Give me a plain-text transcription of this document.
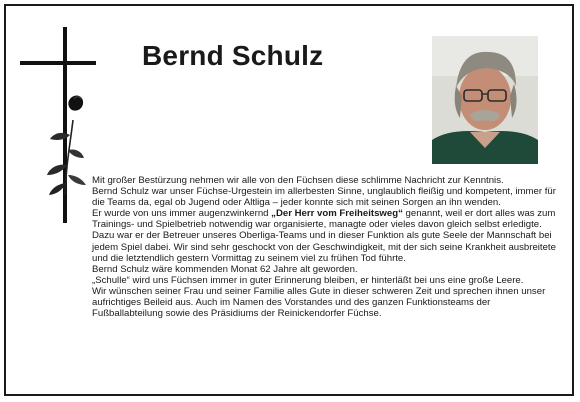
Bernd Schulz

Mit großer Bestürzung nehmen wir alle von den Füchsen diese schlimme Nachricht zur Kenntnis.

Bernd Schulz war unser Füchse-Urgestein im allerbesten Sinne, unglaublich fleißig und kompetent, immer für die Teams da, egal ob Jugend oder Altliga – jeder konnte sich mit seinen Sorgen an ihn wenden.

Er wurde von uns immer augenzwinkernd „Der Herr vom Freiheitsweg“ genannt, weil er dort alles was zum Trainings- und Spielbetrieb notwendig war organisierte, managte oder vieles davon gleich selbst erledigte. Dazu war er der Betreuer unseres Oberliga-Teams und in dieser Funktion als gute Seele der Mannschaft bei jedem Spiel dabei. Wir sind sehr geschockt von der Geschwindigkeit, mit der sich seine Krankheit ausbreitete und die letztendlich gestern Vormittag zu seinem viel zu frühen Tod führte.

Bernd Schulz wäre kommenden Monat 62 Jahre alt geworden.

„Schulle“ wird uns Füchsen immer in guter Erinnerung bleiben, er hinterläßt bei uns eine große Leere.

Wir wünschen seiner Frau und seiner Familie alles Gute in dieser schweren Zeit und sprechen ihnen unser aufrichtiges Beileid aus. Auch im Namen des Vorstandes und des ganzen Funktionsteams der Fußballabteilung sowie des Präsidiums der Reinickendorfer Füchse.
